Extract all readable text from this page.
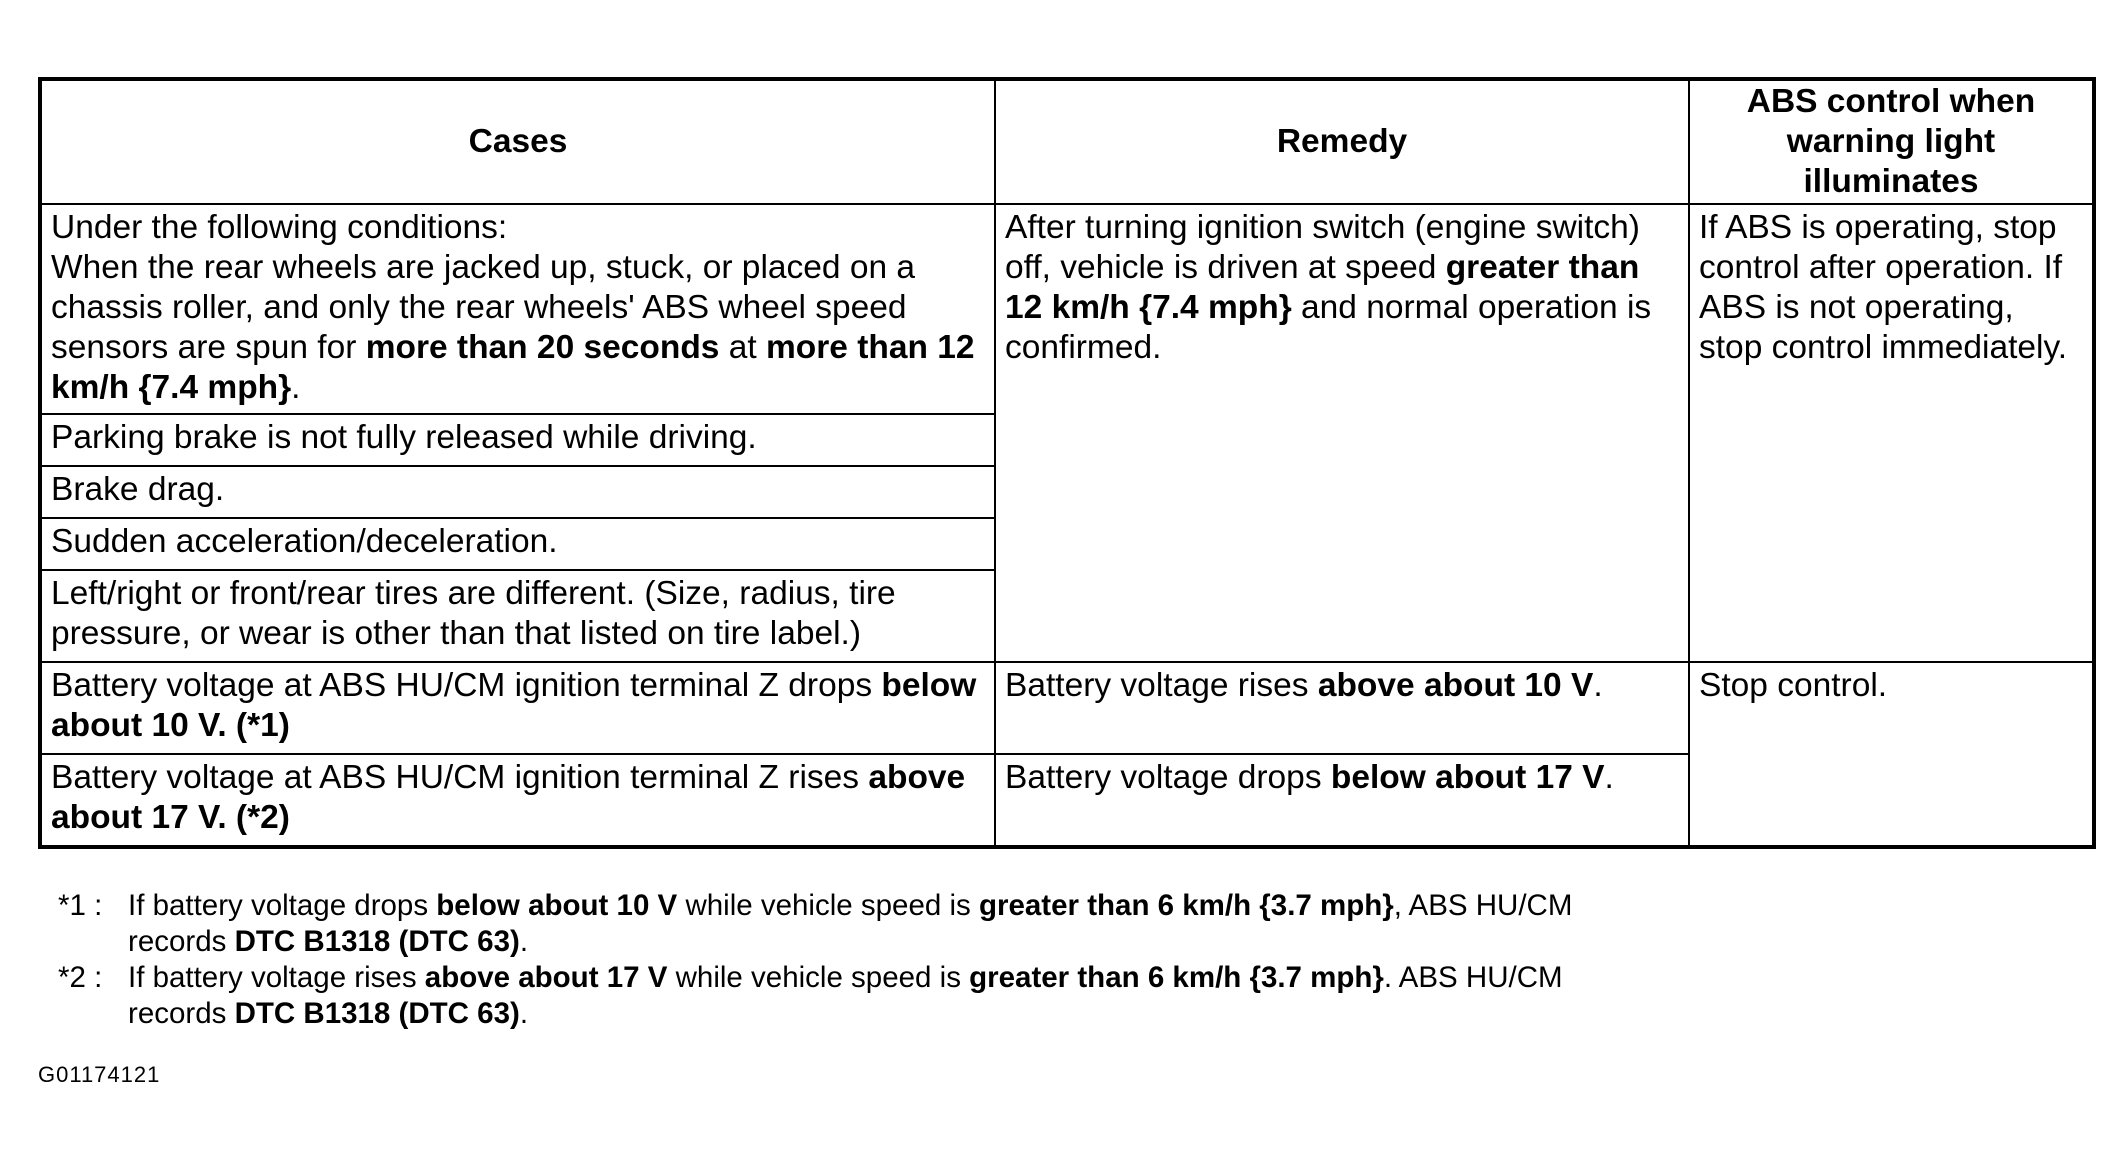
Cases	Remedy	ABS control when warning light illuminates
Under the following conditions:
When the rear wheels are jacked up, stuck, or placed on a chassis roller, and only the rear wheels' ABS wheel speed sensors are spun for more than 20 seconds at more than 12 km/h {7.4 mph}.	After turning ignition switch (engine switch) off, vehicle is driven at speed greater than 12 km/h {7.4 mph} and normal operation is confirmed.	If ABS is operating, stop control after operation. If ABS is not operating, stop control immediately.
Parking brake is not fully released while driving.		
Brake drag.		
Sudden acceleration/deceleration.		
Left/right or front/rear tires are different. (Size, radius, tire pressure, or wear is other than that listed on tire label.)		
Battery voltage at ABS HU/CM ignition terminal Z drops below about 10 V. (*1)	Battery voltage rises above about 10 V.	Stop control.
Battery voltage at ABS HU/CM ignition terminal Z rises above about 17 V. (*2)	Battery voltage drops below about 17 V.	
*1 : If battery voltage drops below about 10 V while vehicle speed is greater than 6 km/h {3.7 mph}, ABS HU/CM
records DTC B1318 (DTC 63).
*2 : If battery voltage rises above about 17 V while vehicle speed is greater than 6 km/h {3.7 mph}. ABS HU/CM
records DTC B1318 (DTC 63).
G01174121
